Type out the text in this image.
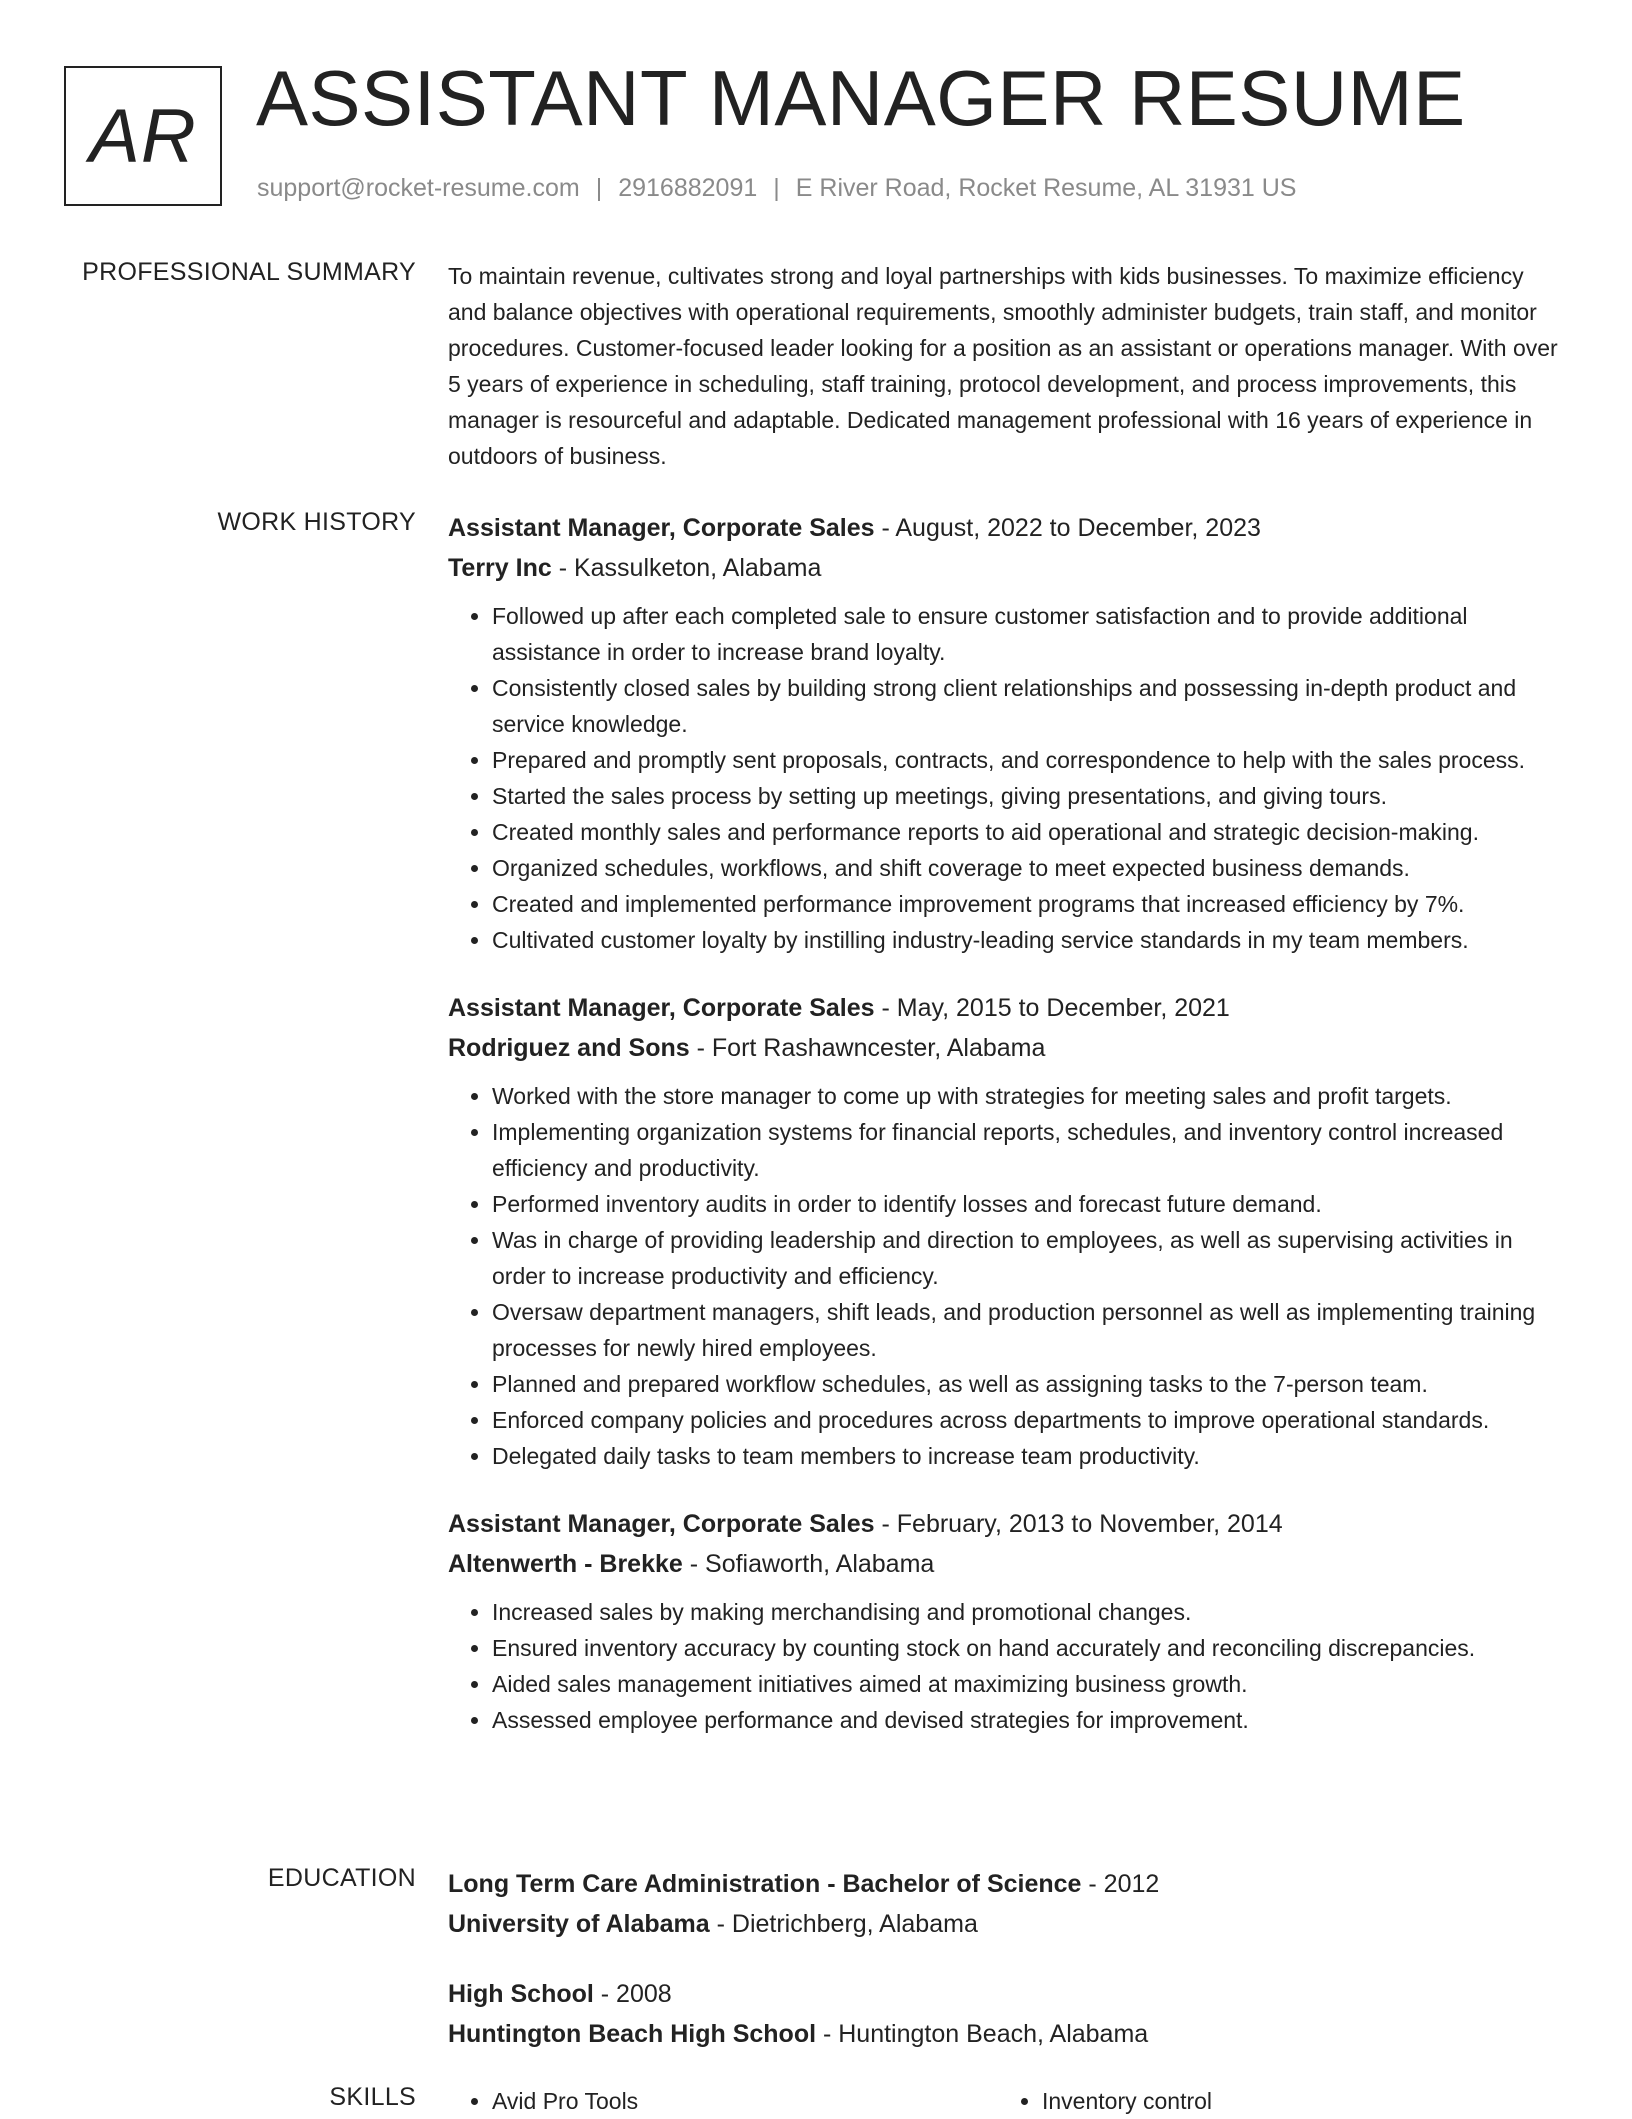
AR ASSISTANT MANAGER RESUME
support@rocket-resume.com | 2916882091 | E River Road, Rocket Resume, AL 31931 US
PROFESSIONAL SUMMARY To maintain revenue, cultivates strong and loyal partnerships with kids businesses. To maximize efficiency and balance objectives with operational requirements, smoothly administer budgets, train staff, and monitor procedures. Customer-focused leader looking for a position as an assistant or operations manager. With over 5 years of experience in scheduling, staff training, protocol development, and process improvements, this manager is resourceful and adaptable. Dedicated management professional with 16 years of experience in outdoors of business.

WORK HISTORY Assistant Manager, Corporate Sales - August, 2022 to December, 2023

Terry Inc - Kassulketon, Alabama

• Followed up after each completed sale to ensure customer satisfaction and to provide additional assistance in order to increase brand loyalty.
• Consistently closed sales by building strong client relationships and possessing in-depth product and service knowledge.
• Prepared and promptly sent proposals, contracts, and correspondence to help with the sales process.
• Started the sales process by setting up meetings, giving presentations, and giving tours.
• Created monthly sales and performance reports to aid operational and strategic decision-making.
• Organized schedules, workflows, and shift coverage to meet expected business demands.
• Created and implemented performance improvement programs that increased efficiency by 7%.
• Cultivated customer loyalty by instilling industry-leading service standards in my team members.

Assistant Manager, Corporate Sales - May, 2015 to December, 2021

Rodriguez and Sons - Fort Rashawncester, Alabama

• Worked with the store manager to come up with strategies for meeting sales and profit targets.
• Implementing organization systems for financial reports, schedules, and inventory control increased efficiency and productivity.
• Performed inventory audits in order to identify losses and forecast future demand.
• Was in charge of providing leadership and direction to employees, as well as supervising activities in order to increase productivity and efficiency.
• Oversaw department managers, shift leads, and production personnel as well as implementing training processes for newly hired employees.
• Planned and prepared workflow schedules, as well as assigning tasks to the 7-person team.
• Enforced company policies and procedures across departments to improve operational standards.
• Delegated daily tasks to team members to increase team productivity.

Assistant Manager, Corporate Sales - February, 2013 to November, 2014

Altenwerth - Brekke - Sofiaworth, Alabama

• Increased sales by making merchandising and promotional changes.
• Ensured inventory accuracy by counting stock on hand accurately and reconciling discrepancies.
• Aided sales management initiatives aimed at maximizing business growth.
• Assessed employee performance and devised strategies for improvement.
EDUCATION Long Term Care Administration - Bachelor of Science - 2012

University of Alabama - Dietrichberg, Alabama

High School - 2008

Huntington Beach High School - Huntington Beach, Alabama

SKILLS	• Avid Pro Tools	• Inventory control
